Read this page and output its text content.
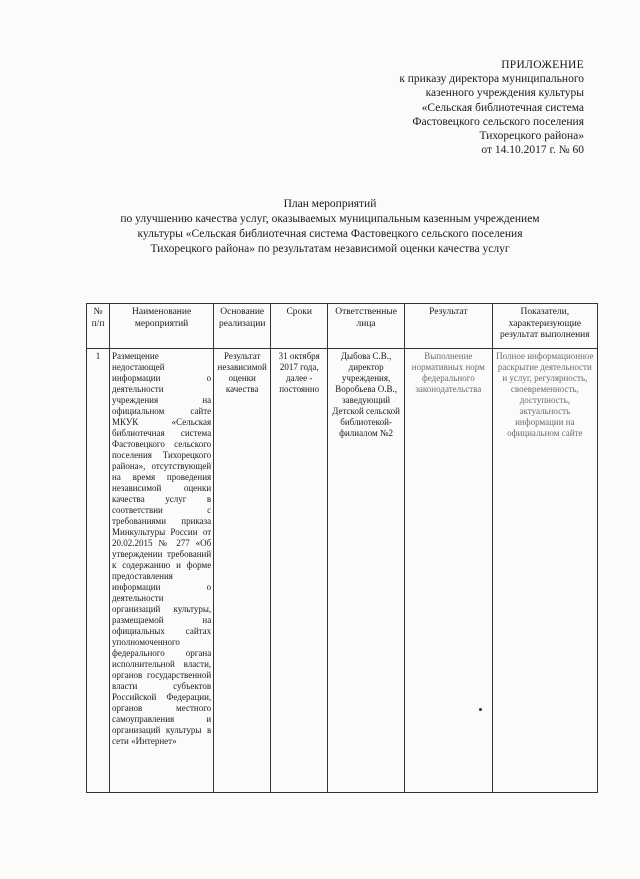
ПРИЛОЖЕНИЕ
к приказу директора муниципального
казенного учреждения культуры
«Сельская библиотечная система
Фастовецкого сельского поселения
Тихорецкого района»
от 14.10.2017 г. № 60
План мероприятий
по улучшению качества услуг, оказываемых муниципальным казенным учреждением
культуры «Сельская библиотечная система Фастовецкого сельского поселения
Тихорецкого района» по результатам независимой оценки качества услуг
№ п/п	Наименование мероприятий	Основание реализации	Сроки	Ответственные лица	Результат	Показатели, характеризующие результат выполнения
1	Размещение недостающей информации о деятельности учреждения на официальном сайте МКУК «Сельская библиотечная система Фастовецкого сельского поселения Тихорецкого района», отсутствующей на время проведения независимой оценки качества услуг в соответствии с требованиями приказа Минкультуры России от 20.02.2015 № 277 «Об утверждении требований к содержанию и форме предоставления информации о деятельности организаций культуры, размещаемой на официальных сайтах уполномоченного федерального органа исполнительной власти, органов государственной власти субъектов Российской Федерации, органов местного самоуправления и организаций культуры в сети «Интернет»	Результат независимой оценки качества	31 октября 2017 года, далее - постоянно	Дыбова С.В., директор учреждения, Воробьева О.В., заведующий Детской сельской библиотекой-филиалом №2	Выполнение нормативных норм федерального законодательства	Полное информационное раскрытие деятельности и услуг, регулярность, своевременность, доступность, актуальность информации на официальном сайте
